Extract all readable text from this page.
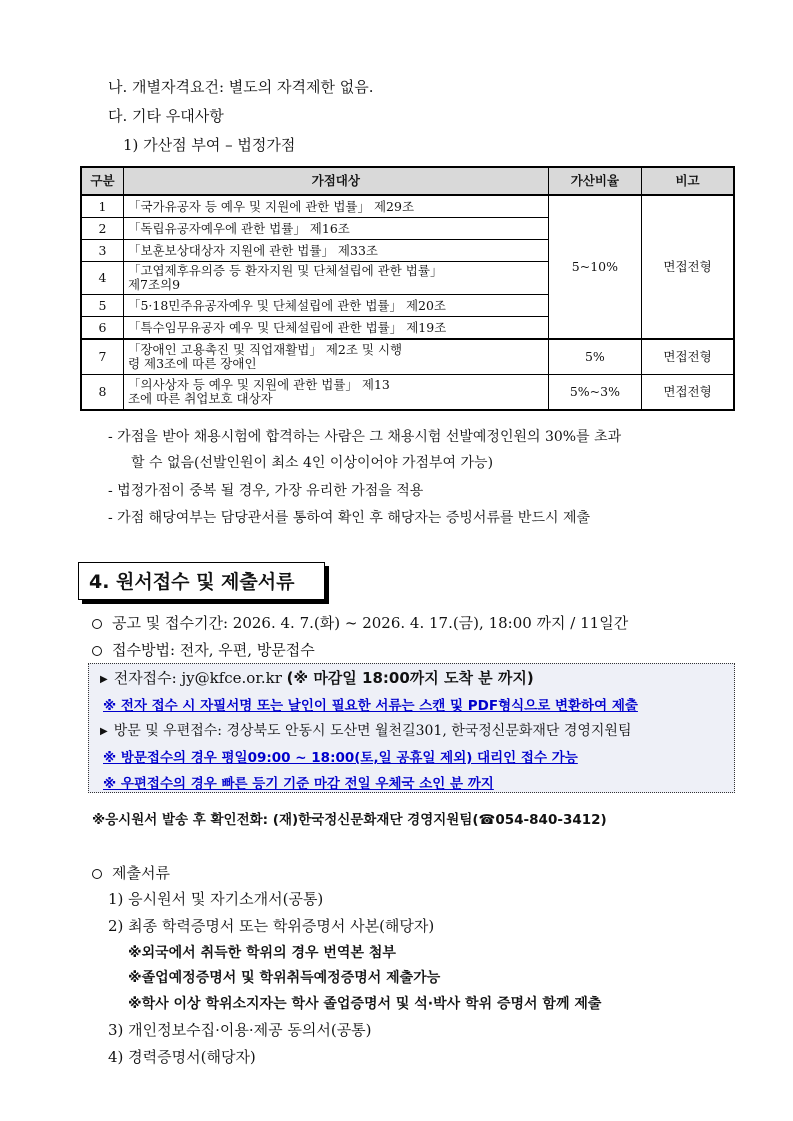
나. 개별자격요건: 별도의 자격제한 없음.
다. 기타 우대사항
1) 가산점 부여 – 법정가점
구분	가점대상	가산비율	비고
1	「국가유공자 등 예우 및 지원에 관한 법률」 제29조	5~10%	면접전형
2	「독립유공자예우에 관한 법률」 제16조		
3	「보훈보상대상자 지원에 관한 법률」 제33조		
4	「고엽제후유의증 등 환자지원 및 단체설립에 관한 법률」
제7조의9		
5	「5·18민주유공자예우 및 단체설립에 관한 법률」 제20조		
6	「특수임무유공자 예우 및 단체설립에 관한 법률」 제19조		
7	「장애인 고용촉진 및 직업재활법」 제2조 및 시행
령 제3조에 따른 장애인	5%	면접전형
8	「의사상자 등 예우 및 지원에 관한 법률」 제13
조에 따른 취업보호 대상자	5%~3%	면접전형
- 가점을 받아 채용시험에 합격하는 사람은 그 채용시험 선발예정인원의 30%를 초과
할 수 없음(선발인원이 최소 4인 이상이어야 가점부여 가능)
- 법정가점이 중복 될 경우, 가장 유리한 가점을 적용
- 가점 해당여부는 담당관서를 통하여 확인 후 해당자는 증빙서류를 반드시 제출
4. 원서접수 및 제출서류
공고 및 접수기간: 2026. 4. 7.(화) ~ 2026. 4. 17.(금), 18:00 까지 / 11일간
접수방법: 전자, 우편, 방문접수
▶ 전자접수: jy@kfce.or.kr (※ 마감일 18:00까지 도착 분 까지)
※ 전자 접수 시 자필서명 또는 날인이 필요한 서류는 스캔 및 PDF형식으로 변환하여 제출
▶ 방문 및 우편접수: 경상북도 안동시 도산면 월천길301, 한국정신문화재단 경영지원팀
※ 방문접수의 경우 평일09:00 ~ 18:00(토,일 공휴일 제외) 대리인 접수 가능
※ 우편접수의 경우 빠른 등기 기준 마감 전일 우체국 소인 분 까지
※응시원서 발송 후 확인전화: (재)한국정신문화재단 경영지원팀(☎054-840-3412)
제출서류
1) 응시원서 및 자기소개서(공통)
2) 최종 학력증명서 또는 학위증명서 사본(해당자)
※외국에서 취득한 학위의 경우 번역본 첨부
※졸업예정증명서 및 학위취득예정증명서 제출가능
※학사 이상 학위소지자는 학사 졸업증명서 및 석·박사 학위 증명서 함께 제출
3) 개인정보수집·이용·제공 동의서(공통)
4) 경력증명서(해당자)
